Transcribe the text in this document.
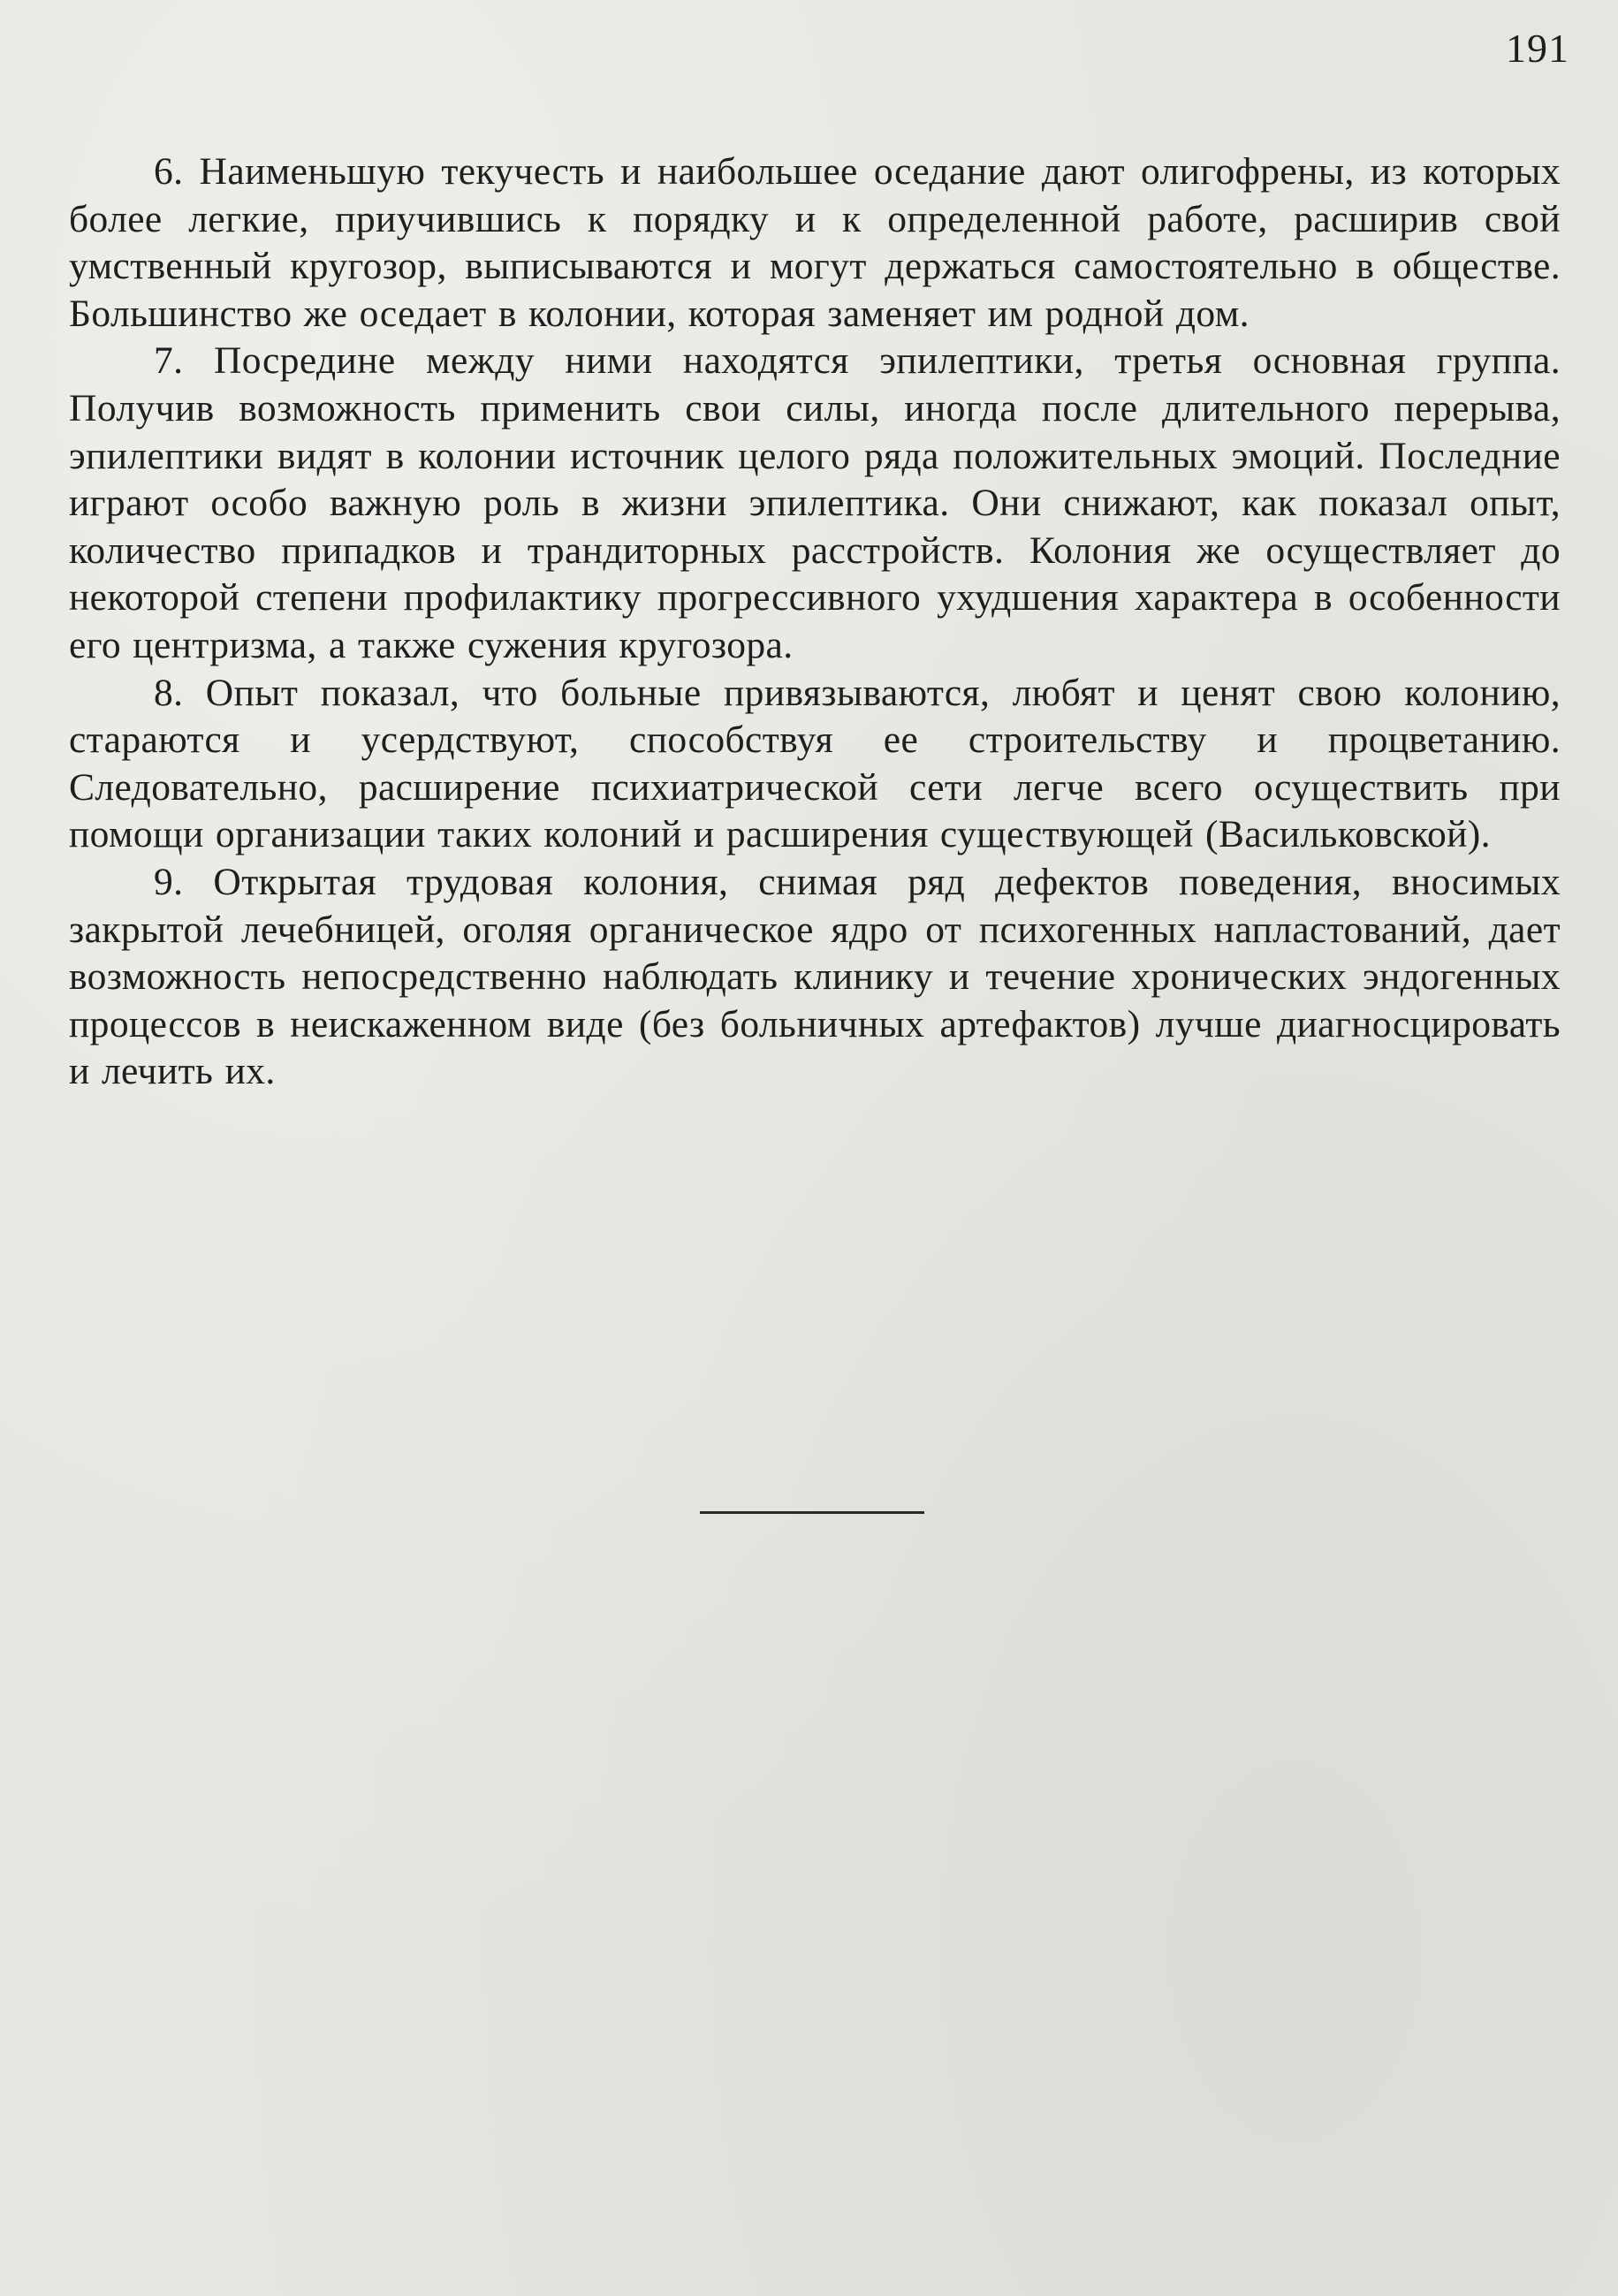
191

6. Наименьшую текучесть и наибольшее оседание дают олигофрены, из которых более легкие, приучившись к порядку и к определенной работе, расширив свой умственный кругозор, выписываются и могут держаться самостоятельно в обществе. Большинство же оседает в колонии, которая заменяет им родной дом.

7. Посредине между ними находятся эпилептики, третья основная группа. Получив возможность применить свои силы, иногда после длительного перерыва, эпилептики видят в колонии источник целого ряда положительных эмоций. Последние играют особо важную роль в жизни эпилептика. Они снижают, как показал опыт, количество припадков и трандиторных расстройств. Колония же осуществляет до некоторой степени профилактику прогрессивного ухудшения характера в особенности его центризма, а также сужения кругозора.

8. Опыт показал, что больные привязываются, любят и ценят свою колонию, стараются и усердствуют, способствуя ее строительству и процветанию. Следовательно, расширение психиатрической сети легче всего осуществить при помощи организации таких колоний и расширения существующей (Васильковской).

9. Открытая трудовая колония, снимая ряд дефектов поведения, вносимых закрытой лечебницей, оголяя органическое ядро от психогенных напластований, дает возможность непосредственно наблюдать клинику и течение хронических эндогенных процессов в неискаженном виде (без больничных артефактов) лучше диагносцировать и лечить их.
